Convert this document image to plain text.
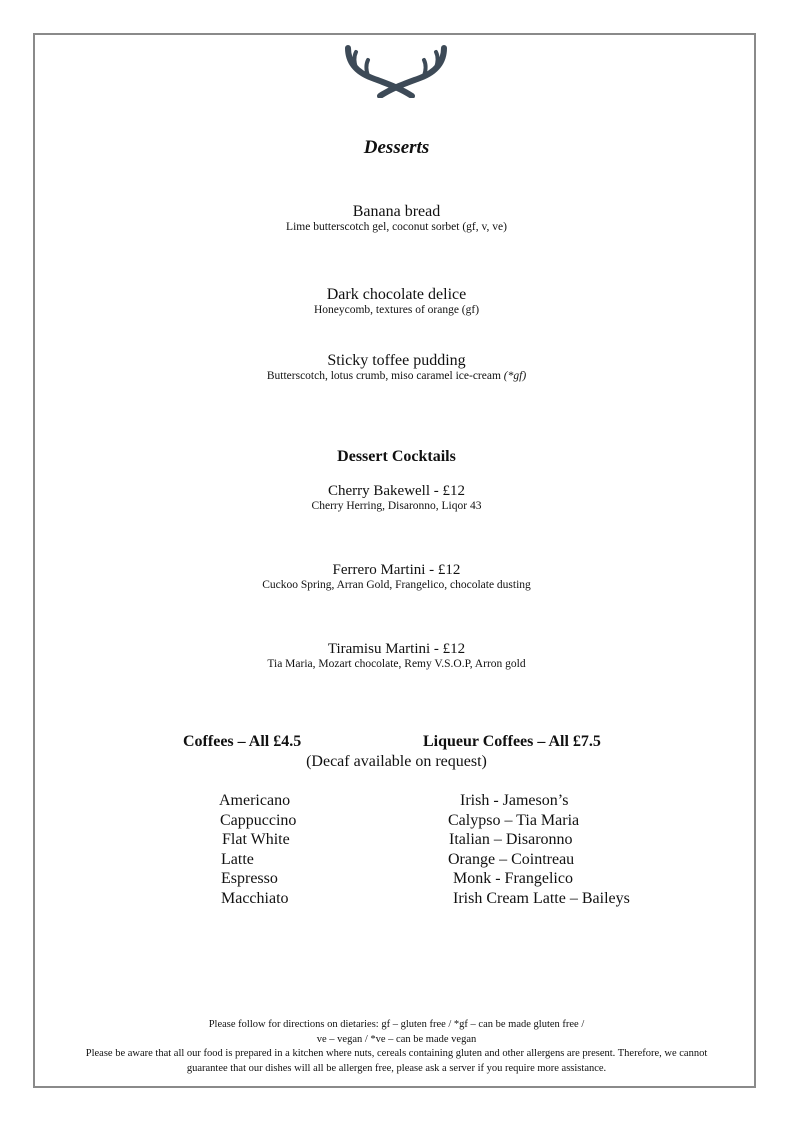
Desserts
Banana bread
Lime butterscotch gel, coconut sorbet (gf, v, ve)
Dark chocolate delice
Honeycomb, textures of orange (gf)
Sticky toffee pudding
Butterscotch, lotus crumb, miso caramel ice-cream (*gf)
Dessert Cocktails
Cherry Bakewell - £12
Cherry Herring, Disaronno, Liqor 43
Ferrero Martini - £12
Cuckoo Spring, Arran Gold, Frangelico, chocolate dusting
Tiramisu Martini - £12
Tia Maria, Mozart chocolate, Remy V.S.O.P, Arron gold
Coffees – All £4.5	Liqueur Coffees – All £7.5
(Decaf available on request)
Americano
Cappuccino
Flat White
Latte
Espresso
Macchiato
Irish - Jameson’s
Calypso – Tia Maria
Italian – Disaronno
Orange – Cointreau
Monk - Frangelico
Irish Cream Latte – Baileys
Please follow for directions on dietaries: gf – gluten free / *gf – can be made gluten free /
ve – vegan / *ve – can be made vegan
Please be aware that all our food is prepared in a kitchen where nuts, cereals containing gluten and other allergens are present. Therefore, we cannot
guarantee that our dishes will all be allergen free, please ask a server if you require more assistance.
